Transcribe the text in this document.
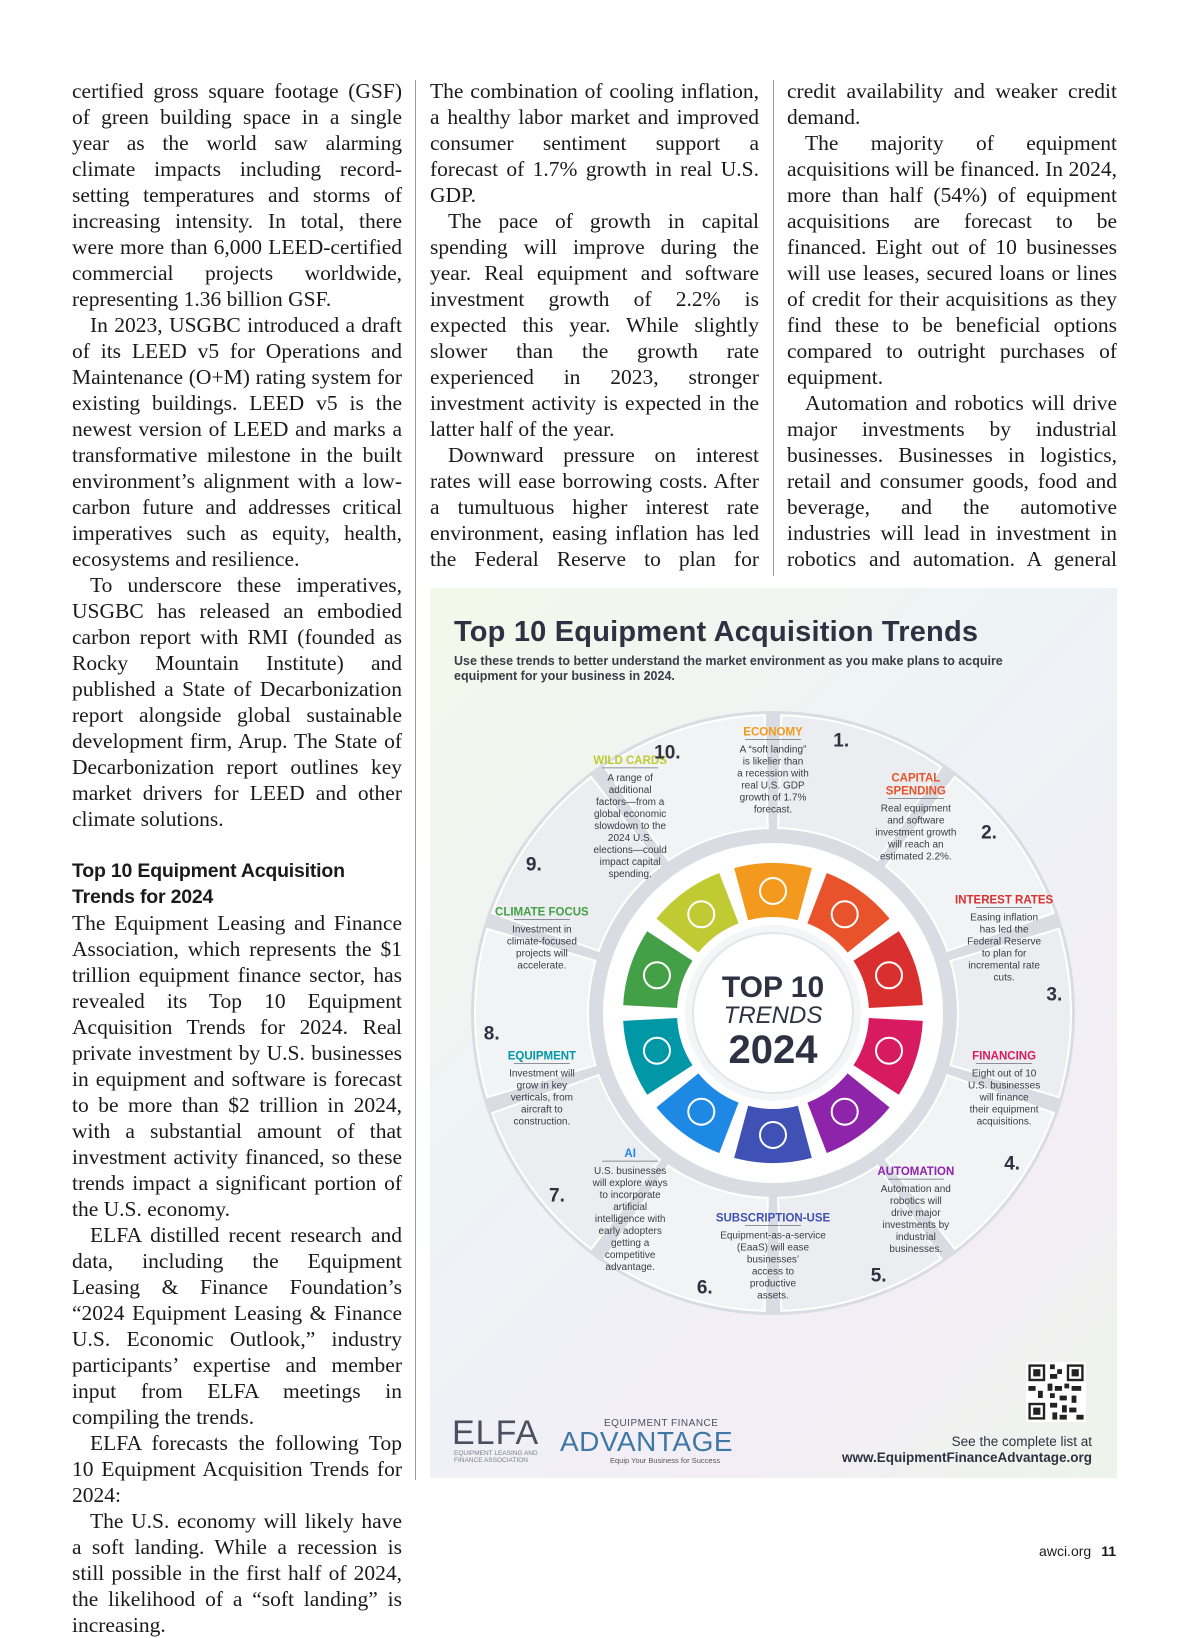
certified gross square footage (GSF) of green building space in a single year as the world saw alarming climate impacts including record-setting temperatures and storms of increasing intensity. In total, there were more than 6,000 LEED-certified commercial projects worldwide, representing 1.36 billion GSF.

In 2023, USGBC introduced a draft of its LEED v5 for Operations and Maintenance (O+M) rating system for existing buildings. LEED v5 is the newest version of LEED and marks a transformative milestone in the built environment’s alignment with a low-carbon future and addresses critical imperatives such as equity, health, ecosystems and resilience.

To underscore these imperatives, USGBC has released an embodied carbon report with RMI (founded as Rocky Mountain Institute) and published a State of Decarbonization report alongside global sustainable development firm, Arup. The State of Decarbonization report outlines key market drivers for LEED and other climate solutions.

Top 10 Equipment Acquisition Trends for 2024

The Equipment Leasing and Finance Association, which represents the $1 trillion equipment finance sector, has revealed its Top 10 Equipment Acquisition Trends for 2024. Real private investment by U.S. businesses in equipment and software is forecast to be more than $2 trillion in 2024, with a substantial amount of that investment activity financed, so these trends impact a significant portion of the U.S. economy.

ELFA distilled recent research and data, including the Equipment Leasing & Finance Foundation’s “2024 Equipment Leasing & Finance U.S. Economic Outlook,” industry participants’ expertise and member input from ELFA meetings in compiling the trends.

ELFA forecasts the following Top 10 Equipment Acquisition Trends for 2024:

The U.S. economy will likely have a soft landing. While a recession is still possible in the first half of 2024, the likelihood of a “soft landing” is increasing.

The combination of cooling inflation, a healthy labor market and improved consumer sentiment support a forecast of 1.7% growth in real U.S. GDP.

The pace of growth in capital spending will improve during the year. Real equipment and software investment growth of 2.2% is expected this year. While slightly slower than the growth rate experienced in 2023, stronger investment activity is expected in the latter half of the year.

Downward pressure on interest rates will ease borrowing costs. After a tumultuous higher interest rate environment, easing inflation has led the Federal Reserve to plan for

credit availability and weaker credit demand.

The majority of equipment acquisitions will be financed. In 2024, more than half (54%) of equipment acquisitions are forecast to be financed. Eight out of 10 businesses will use leases, secured loans or lines of credit for their acquisitions as they find these to be beneficial options compared to outright purchases of equipment.

Automation and robotics will drive major investments by industrial businesses. Businesses in logistics, retail and consumer goods, food and beverage, and the automotive industries will lead in investment in robotics and automation. A general

TOP 10
TRENDS
2024
ECONOMY
A “soft landing”
is likelier than
a recession with
real U.S. GDP
growth of 1.7%
forecast.
1.
CAPITAL
SPENDING
Real equipment
and software
investment growth
will reach an
estimated 2.2%.
2.
INTEREST RATES
Easing inflation
has led the
Federal Reserve
to plan for
incremental rate
cuts.
3.
FINANCING
Eight out of 10
U.S. businesses
will finance
their equipment
acquisitions.
4.
AUTOMATION
Automation and
robotics will
drive major
investments by
industrial
businesses.
5.
SUBSCRIPTION-USE
Equipment-as-a-service
(EaaS) will ease
businesses’
access to
productive
assets.
6.
AI
U.S. businesses
will explore ways
to incorporate
artificial
intelligence with
early adopters
getting a
competitive
advantage.
7.
EQUIPMENT
Investment will
grow in key
verticals, from
aircraft to
construction.
8.
CLIMATE FOCUS
Investment in
climate-focused
projects will
accelerate.
9.
WILD CARDS
A range of
additional
factors—from a
global economic
slowdown to the
2024 U.S.
elections—could
impact capital
spending.
10.
Top 10 Equipment Acquisition Trends
Use these trends to better understand the market environment as you make plans to acquire equipment for your business in 2024.
ELFA
EQUIPMENT LEASING AND FINANCE ASSOCIATION
EQUIPMENT FINANCE
ADVANTAGE
Equip Your Business for Success
See the complete list at
www.EquipmentFinanceAdvantage.org
awci.org 11
